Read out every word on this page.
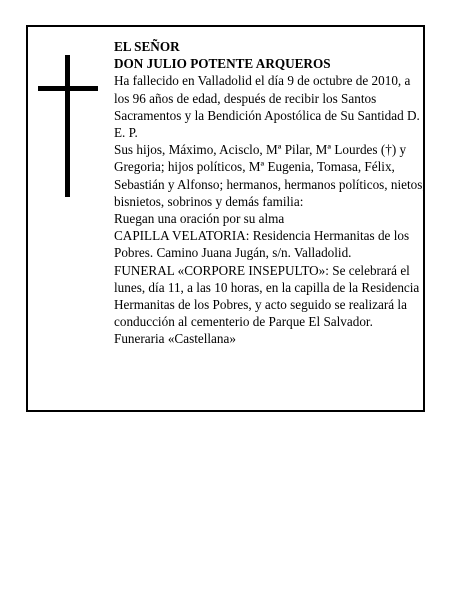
EL SEÑOR

DON JULIO POTENTE ARQUEROS

Ha fallecido en Valladolid el día 9 de octubre de 2010, a los 96 años de edad, después de recibir los Santos Sacramentos y la Bendición Apostólica de Su Santidad D. E. P.

Sus hijos, Máximo, Acisclo, Mª Pilar, Mª Lourdes (†) y Gregoria; hijos políticos, Mª Eugenia, Tomasa, Félix, Sebastián y Alfonso; hermanos, hermanos políticos, nietos, bisnietos, sobrinos y demás familia:

Ruegan una oración por su alma

CAPILLA VELATORIA: Residencia Hermanitas de los Pobres. Camino Juana Jugán, s/n. Valladolid.

FUNERAL «CORPORE INSEPULTO»: Se celebrará el lunes, día 11, a las 10 horas, en la capilla de la Residencia Hermanitas de los Pobres, y acto seguido se realizará la conducción al cementerio de Parque El Salvador.

Funeraria «Castellana»
